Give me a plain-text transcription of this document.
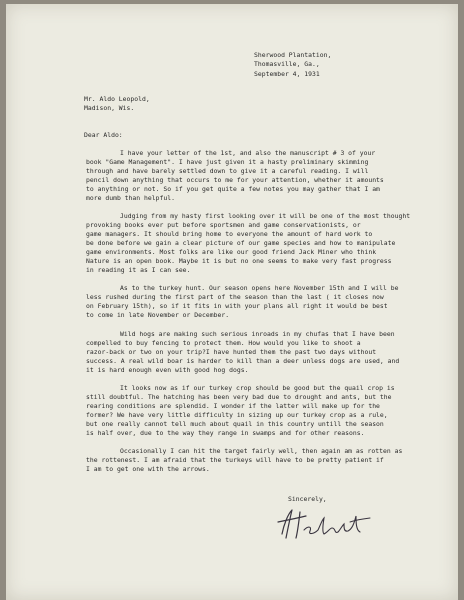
Sherwood Plantation,
Thomasville, Ga.,
September 4, 1931
Mr. Aldo Leopold,
Madison, Wis.
Dear Aldo:
I have your letter of the 1st, and also the manuscript # 3 of your
book "Game Management". I have just given it a hasty preliminary skimming
through and have barely settled down to give it a careful reading. I will
pencil down anything that occurs to me for your attention, whether it amounts
to anything or not. So if you get quite a few notes you may gather that I am
more dumb than helpful.
Judging from my hasty first looking over it will be one of the most thought
provoking books ever put before sportsmen and game conservationists, or
game managers. It should bring home to everyone the amount of hard work to
be done before we gain a clear picture of our game species and how to manipulate
game environments. Most folks are like our good friend Jack Miner who think
Nature is an open book. Maybe it is but no one seems to make very fast progress
in reading it as I can see.
As to the turkey hunt. Our season opens here November 15th and I will be
less rushed during the first part of the season than the last ( it closes now
on February 15th), so if it fits in with your plans all right it would be best
to come in late November or December.
Wild hogs are making such serious inroads in my chufas that I have been
compelled to buy fencing to protect them. How would you like to shoot a
razor-back or two on your trip?I have hunted them the past two days without
success. A real wild boar is harder to kill than a deer unless dogs are used, and
it is hard enough even with good hog dogs.
It looks now as if our turkey crop should be good but the quail crop is
still doubtful. The hatching has been very bad due to drought and ants, but the
rearing conditions are splendid. I wonder if the latter will make up for the
former? We have very little difficulty in sizing up our turkey crop as a rule,
but one really cannot tell much about quail in this country untill the season
is half over, due to the way they range in swamps and for other reasons.
Occasionally I can hit the target fairly well, then again am as rotten as
the rottenest. I am afraid that the turkeys will have to be pretty patient if
I am to get one with the arrows.
Sincerely,
